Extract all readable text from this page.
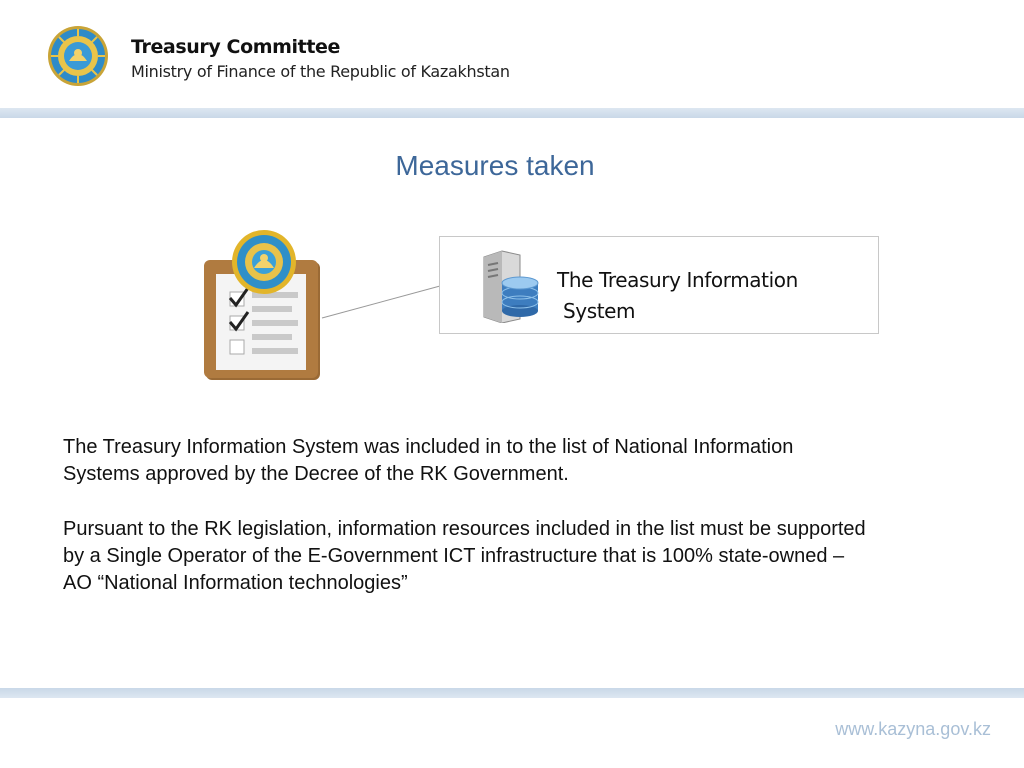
Treasury Committee
Ministry of Finance of the Republic of Kazakhstan
Measures taken
The Treasury Information
System
The Treasury Information System was included in to the list of National Information
Systems approved by the Decree of the RK Government.
Pursuant to the RK legislation, information resources included in the list must be supported
by a Single Operator of the E-Government ICT infrastructure that is 100% state-owned –
AO “National Information technologies”
www.kazyna.gov.kz
